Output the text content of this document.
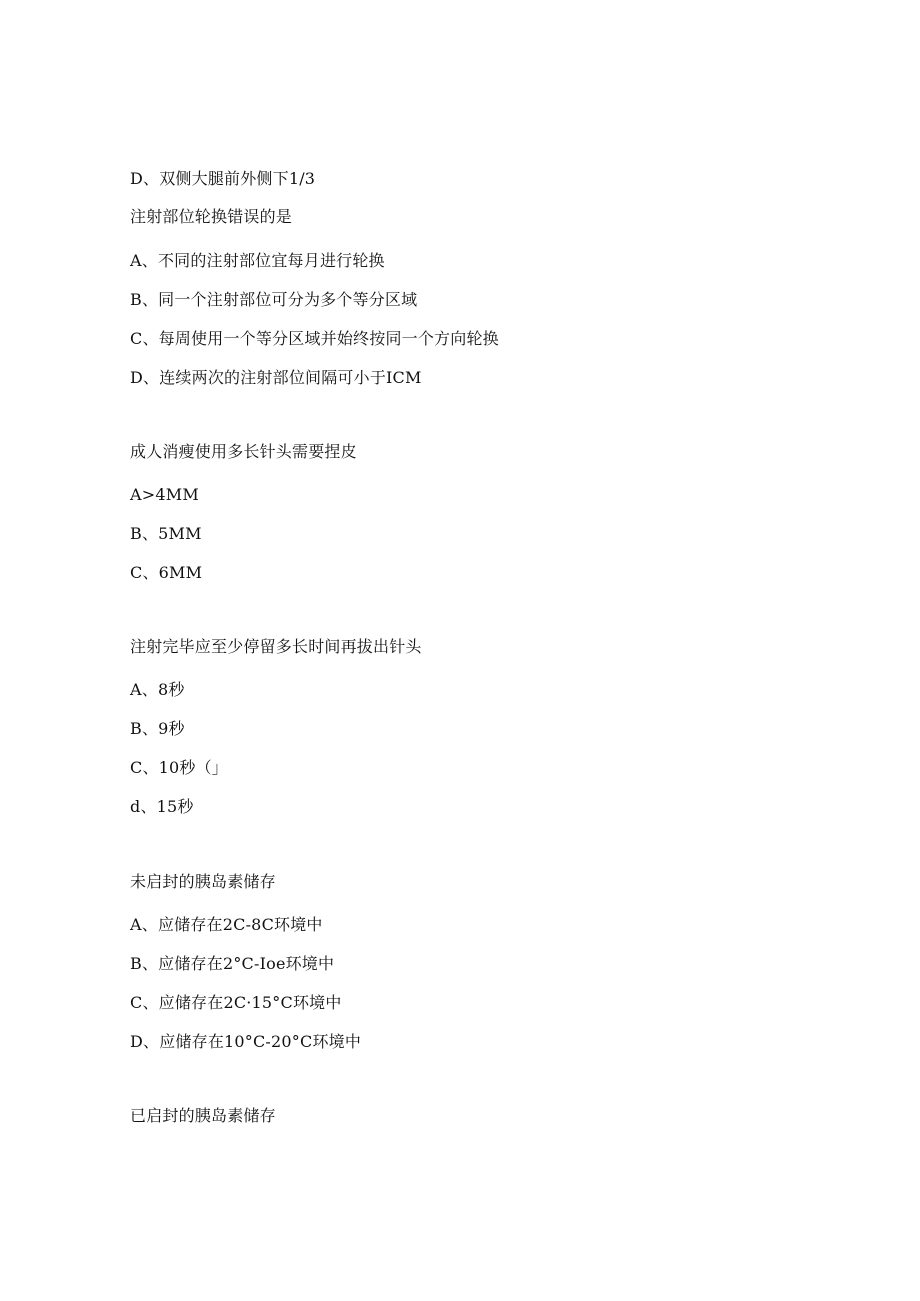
D、双侧大腿前外侧下1/3
注射部位轮换错误的是
A、不同的注射部位宜每月进行轮换
B、同一个注射部位可分为多个等分区域
C、每周使用一个等分区域并始终按同一个方向轮换
D、连续两次的注射部位间隔可小于ICM
成人消瘦使用多长针头需要捏皮
A>4MM
B、5MM
C、6MM
注射完毕应至少停留多长时间再拔出针头
A、8秒
B、9秒
C、10秒（」
d、15秒
未启封的胰岛素储存
A、应储存在2C-8C环境中
B、应储存在2°C-Ioe环境中
C、应储存在2C·15°C环境中
D、应储存在10°C-20°C环境中
已启封的胰岛素储存
